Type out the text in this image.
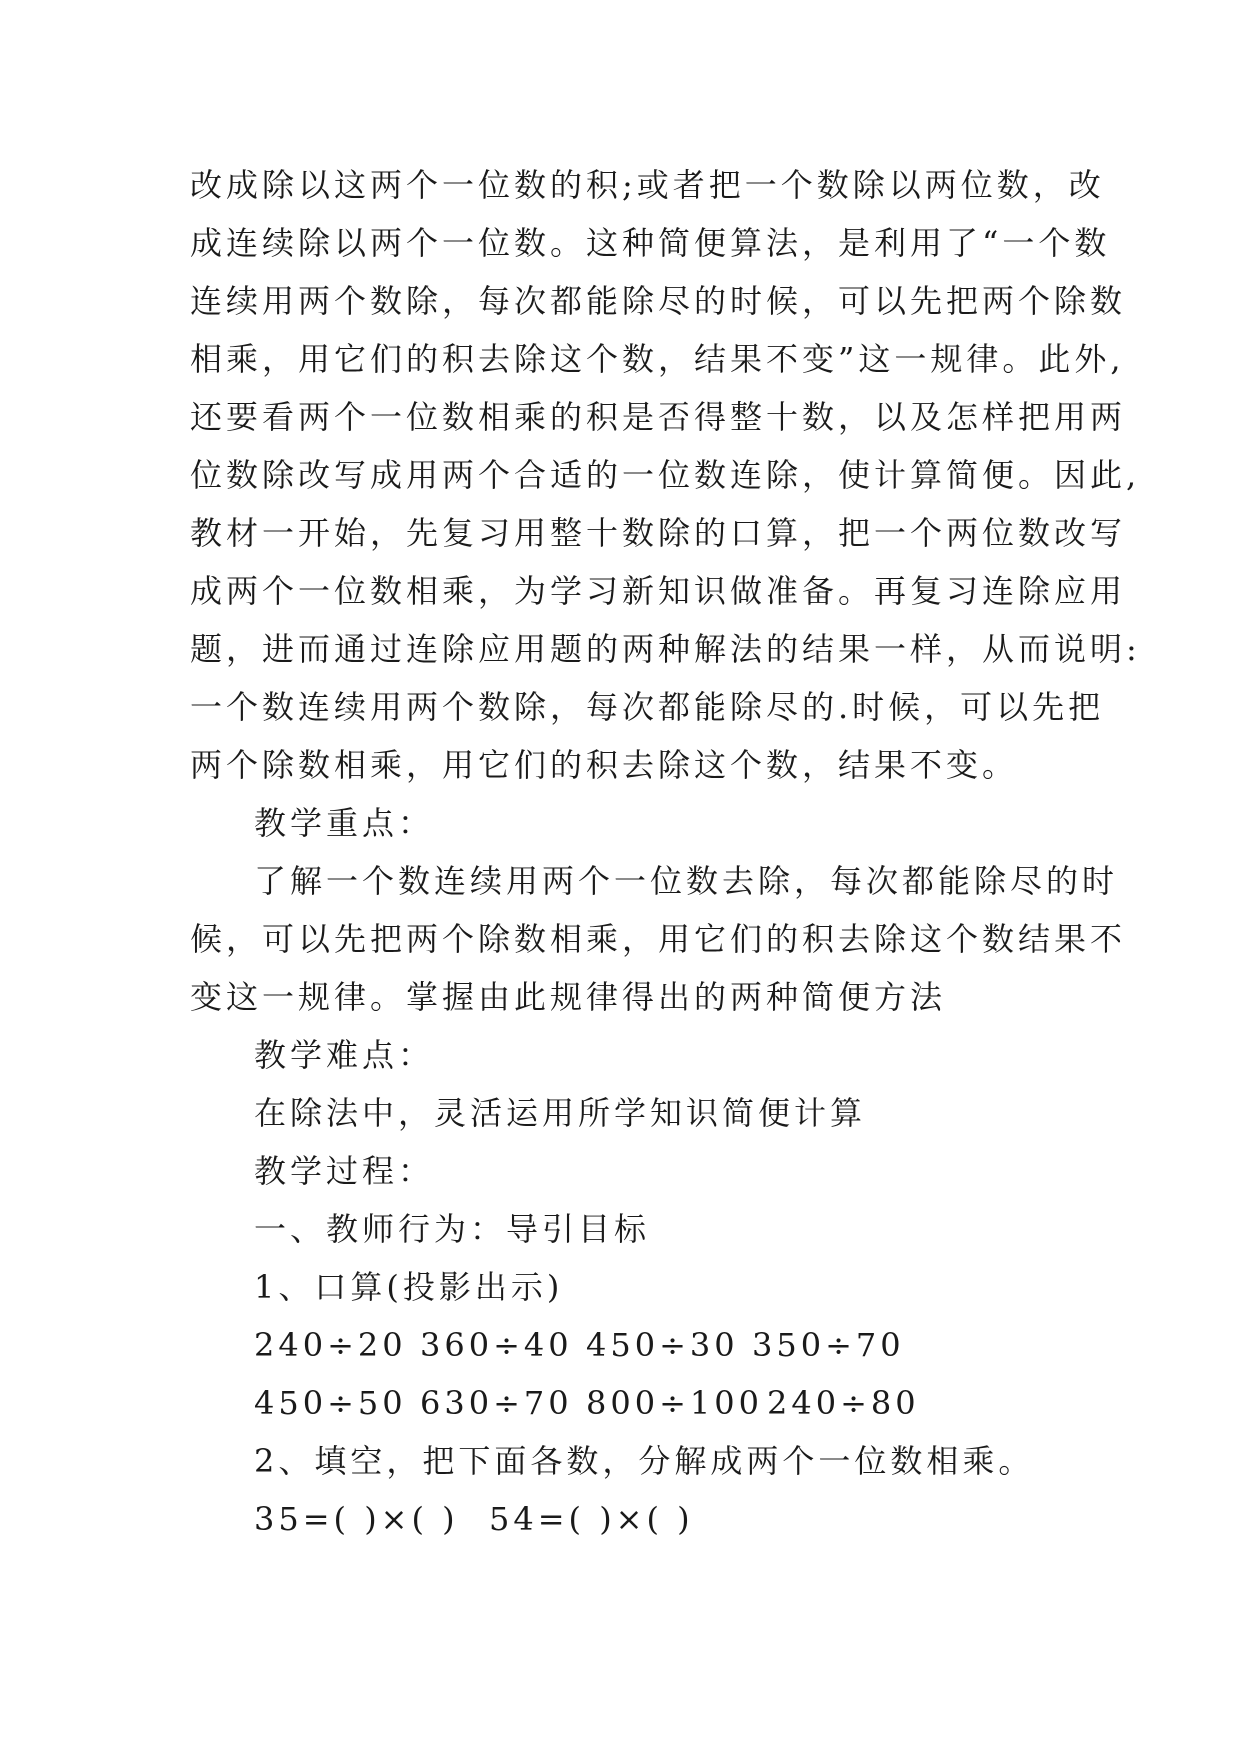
改成除以这两个一位数的积;或者把一个数除以两位数，改
成连续除以两个一位数。这种简便算法，是利用了“一个数
连续用两个数除，每次都能除尽的时候，可以先把两个除数
相乘，用它们的积去除这个数，结果不变”这一规律。此外,
还要看两个一位数相乘的积是否得整十数，以及怎样把用两
位数除改写成用两个合适的一位数连除，使计算简便。因此,
教材一开始，先复习用整十数除的口算，把一个两位数改写
成两个一位数相乘，为学习新知识做准备。再复习连除应用
题，进而通过连除应用题的两种解法的结果一样，从而说明:
一个数连续用两个数除，每次都能除尽的.时候，可以先把
两个除数相乘，用它们的积去除这个数，结果不变。
教学重点：
了解一个数连续用两个一位数去除，每次都能除尽的时
候，可以先把两个除数相乘，用它们的积去除这个数结果不
变这一规律。掌握由此规律得出的两种简便方法
教学难点：
在除法中，灵活运用所学知识简便计算
教学过程：
一、教师行为：导引目标
1、口算(投影出示)
240÷20 360÷40 450÷30 350÷70
450÷50 630÷70 800÷100 240÷80
2、填空，把下面各数，分解成两个一位数相乘。
35=( )×( ) 54=( )×( )
